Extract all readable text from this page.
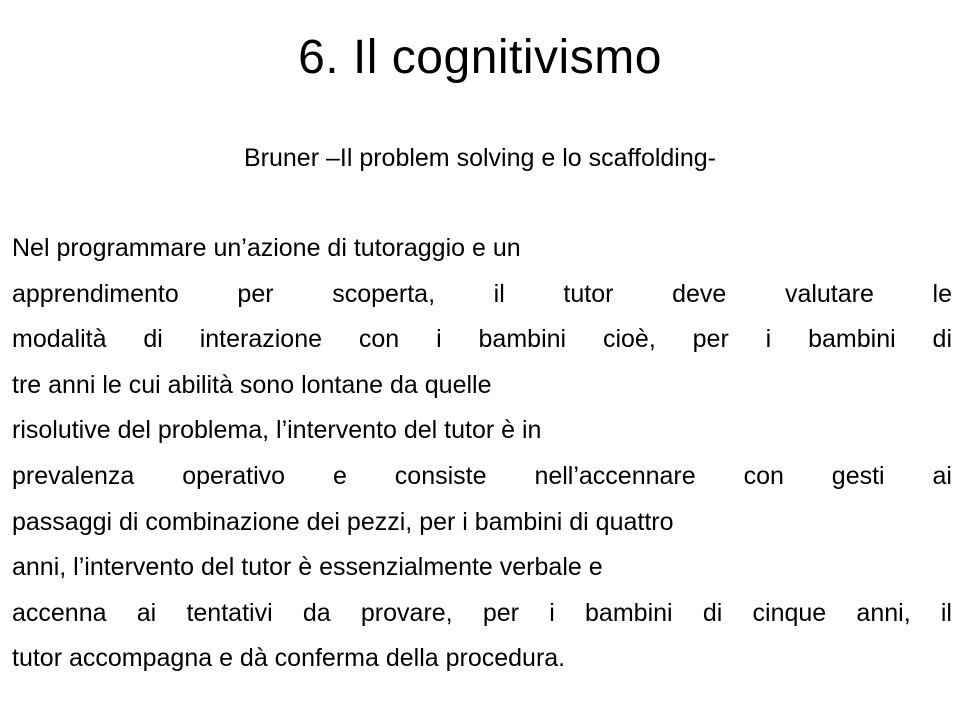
6. Il cognitivismo
Bruner –Il problem solving e lo scaffolding-
Nel programmare un’azione di tutoraggio e un
apprendimento per scoperta, il tutor deve valutare le
modalità di interazione con i bambini cioè, per i bambini di
tre anni le cui abilità sono lontane da quelle
risolutive del problema, l’intervento del tutor è in
prevalenza operativo e consiste nell’accennare con gesti ai
passaggi di combinazione dei pezzi, per i bambini di quattro
anni, l’intervento del tutor è essenzialmente verbale e
accenna ai tentativi da provare, per i bambini di cinque anni, il
tutor accompagna e dà conferma della procedura.
